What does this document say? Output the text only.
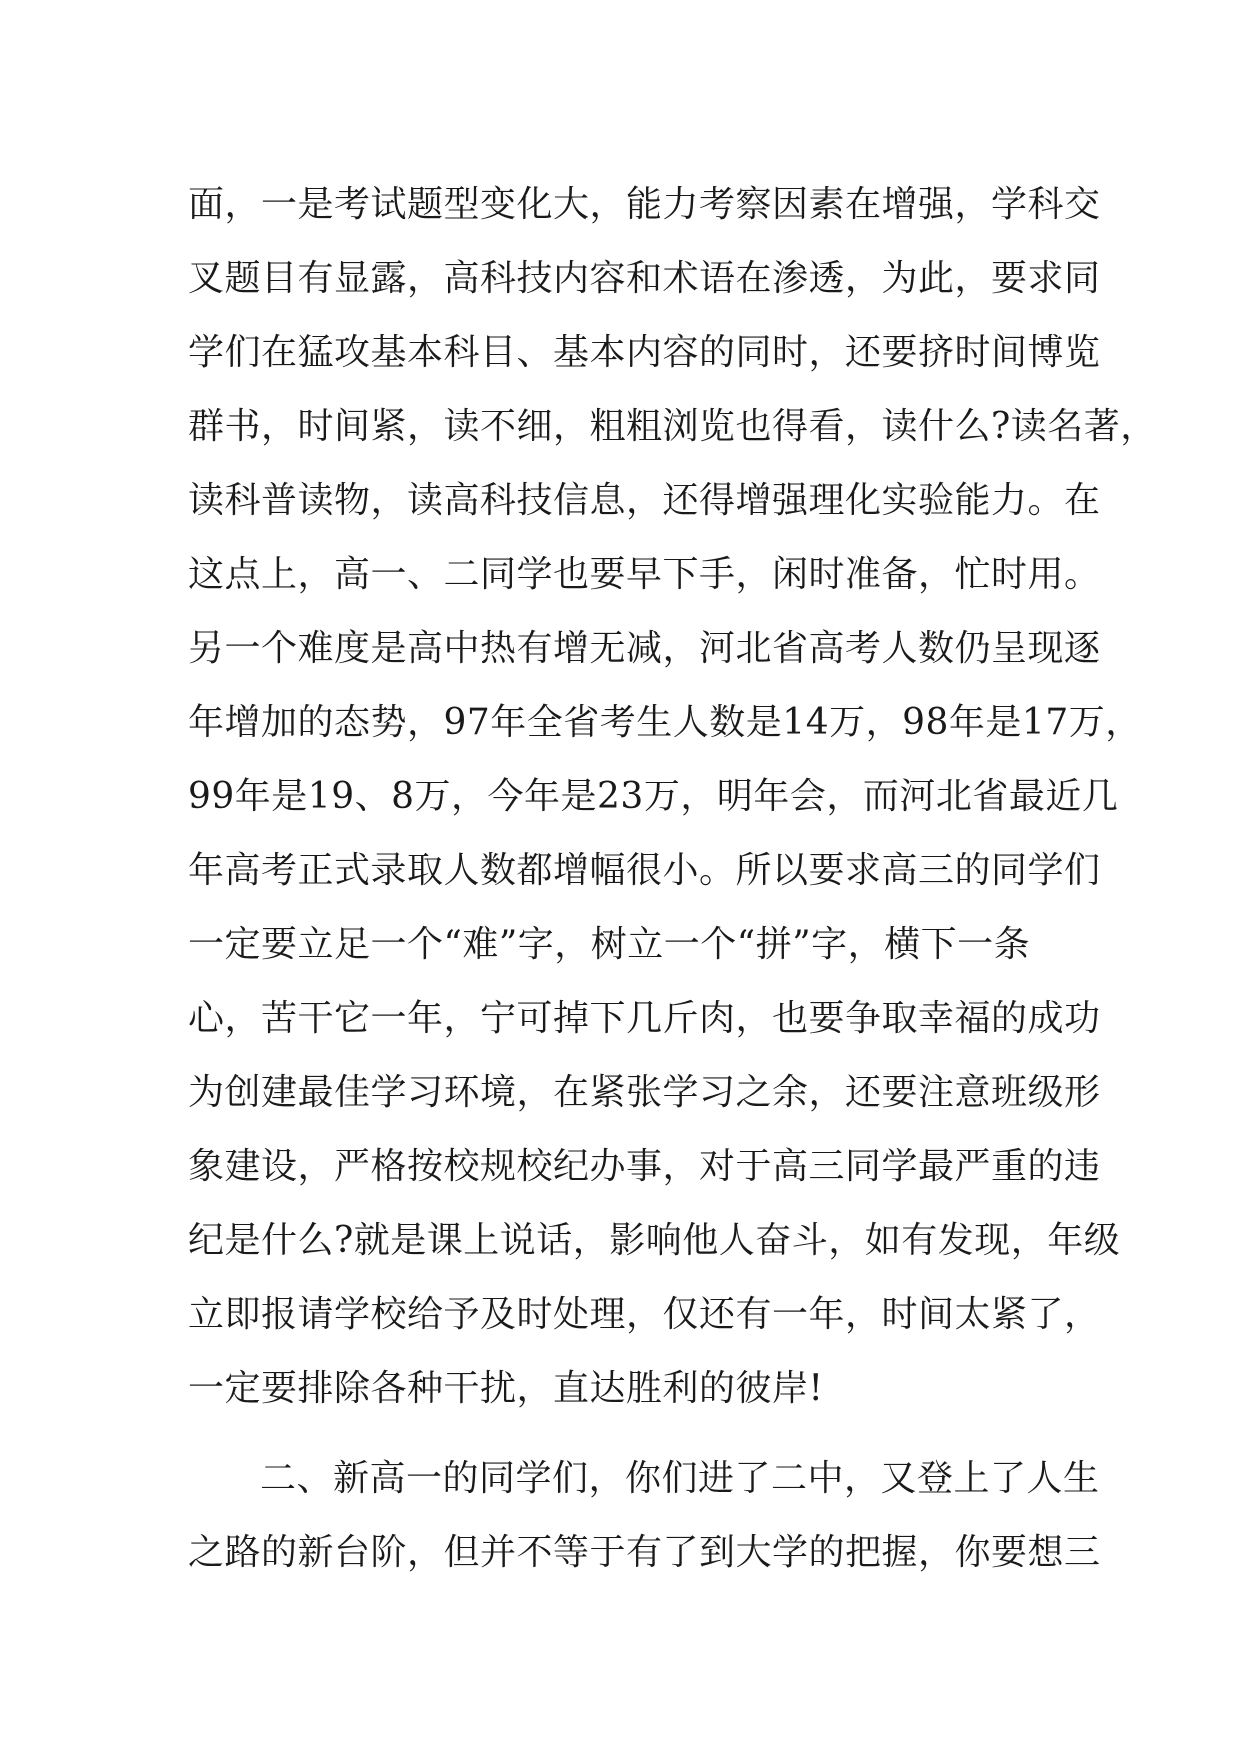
面，一是考试题型变化大，能力考察因素在增强，学科交
叉题目有显露，高科技内容和术语在渗透，为此，要求同
学们在猛攻基本科目、基本内容的同时，还要挤时间博览
群书，时间紧，读不细，粗粗浏览也得看，读什么?读名著，
读科普读物，读高科技信息，还得增强理化实验能力。在
这点上，高一、二同学也要早下手，闲时准备，忙时用。
另一个难度是高中热有增无减，河北省高考人数仍呈现逐
年增加的态势，97年全省考生人数是14万，98年是17万，
99年是19、8万，今年是23万，明年会，而河北省最近几
年高考正式录取人数都增幅很小。所以要求高三的同学们
一定要立足一个“难”字，树立一个“拼”字，横下一条
心，苦干它一年，宁可掉下几斤肉，也要争取幸福的成功
为创建最佳学习环境，在紧张学习之余，还要注意班级形
象建设，严格按校规校纪办事，对于高三同学最严重的违
纪是什么?就是课上说话，影响他人奋斗，如有发现，年级
立即报请学校给予及时处理，仅还有一年，时间太紧了，
一定要排除各种干扰，直达胜利的彼岸!
二、新高一的同学们，你们进了二中，又登上了人生
之路的新台阶，但并不等于有了到大学的把握，你要想三
